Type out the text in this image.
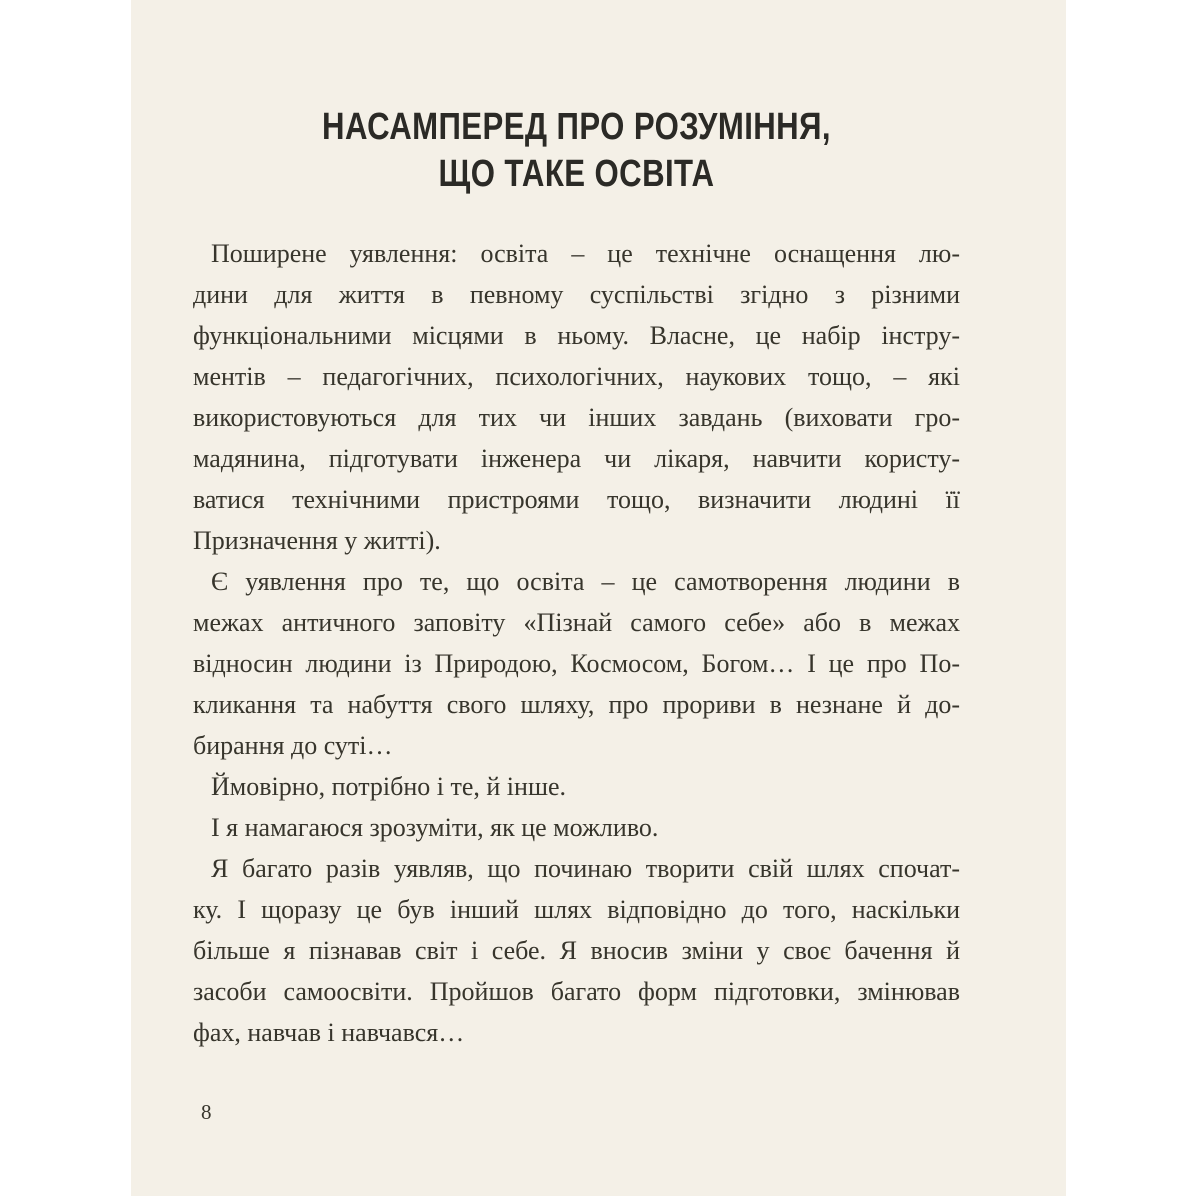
НАСАМПЕРЕД ПРО РОЗУМІННЯ,
ЩО ТАКЕ ОСВІТА
Поширене уявлення: освіта – це технічне оснащення лю-
дини для життя в певному суспільстві згідно з різними
функціональними місцями в ньому. Власне, це набір інстру-
ментів – педагогічних, психологічних, наукових тощо, – які
використовуються для тих чи інших завдань (виховати гро-
мадянина, підготувати інженера чи лікаря, навчити користу-
ватися технічними пристроями тощо, визначити людині її
Призначення у житті).
Є уявлення про те, що освіта – це самотворення людини в
межах античного заповіту «Пізнай самого себе» або в межах
відносин людини із Природою, Космосом, Богом… І це про По-
кликання та набуття свого шляху, про прориви в незнане й до-
бирання до суті…
Ймовірно, потрібно і те, й інше.
І я намагаюся зрозуміти, як це можливо.
Я багато разів уявляв, що починаю творити свій шлях спочат-
ку. І щоразу це був інший шлях відповідно до того, наскільки
більше я пізнавав світ і себе. Я вносив зміни у своє бачення й
засоби самоосвіти. Пройшов багато форм підготовки, змінював
фах, навчав і навчався…
8
